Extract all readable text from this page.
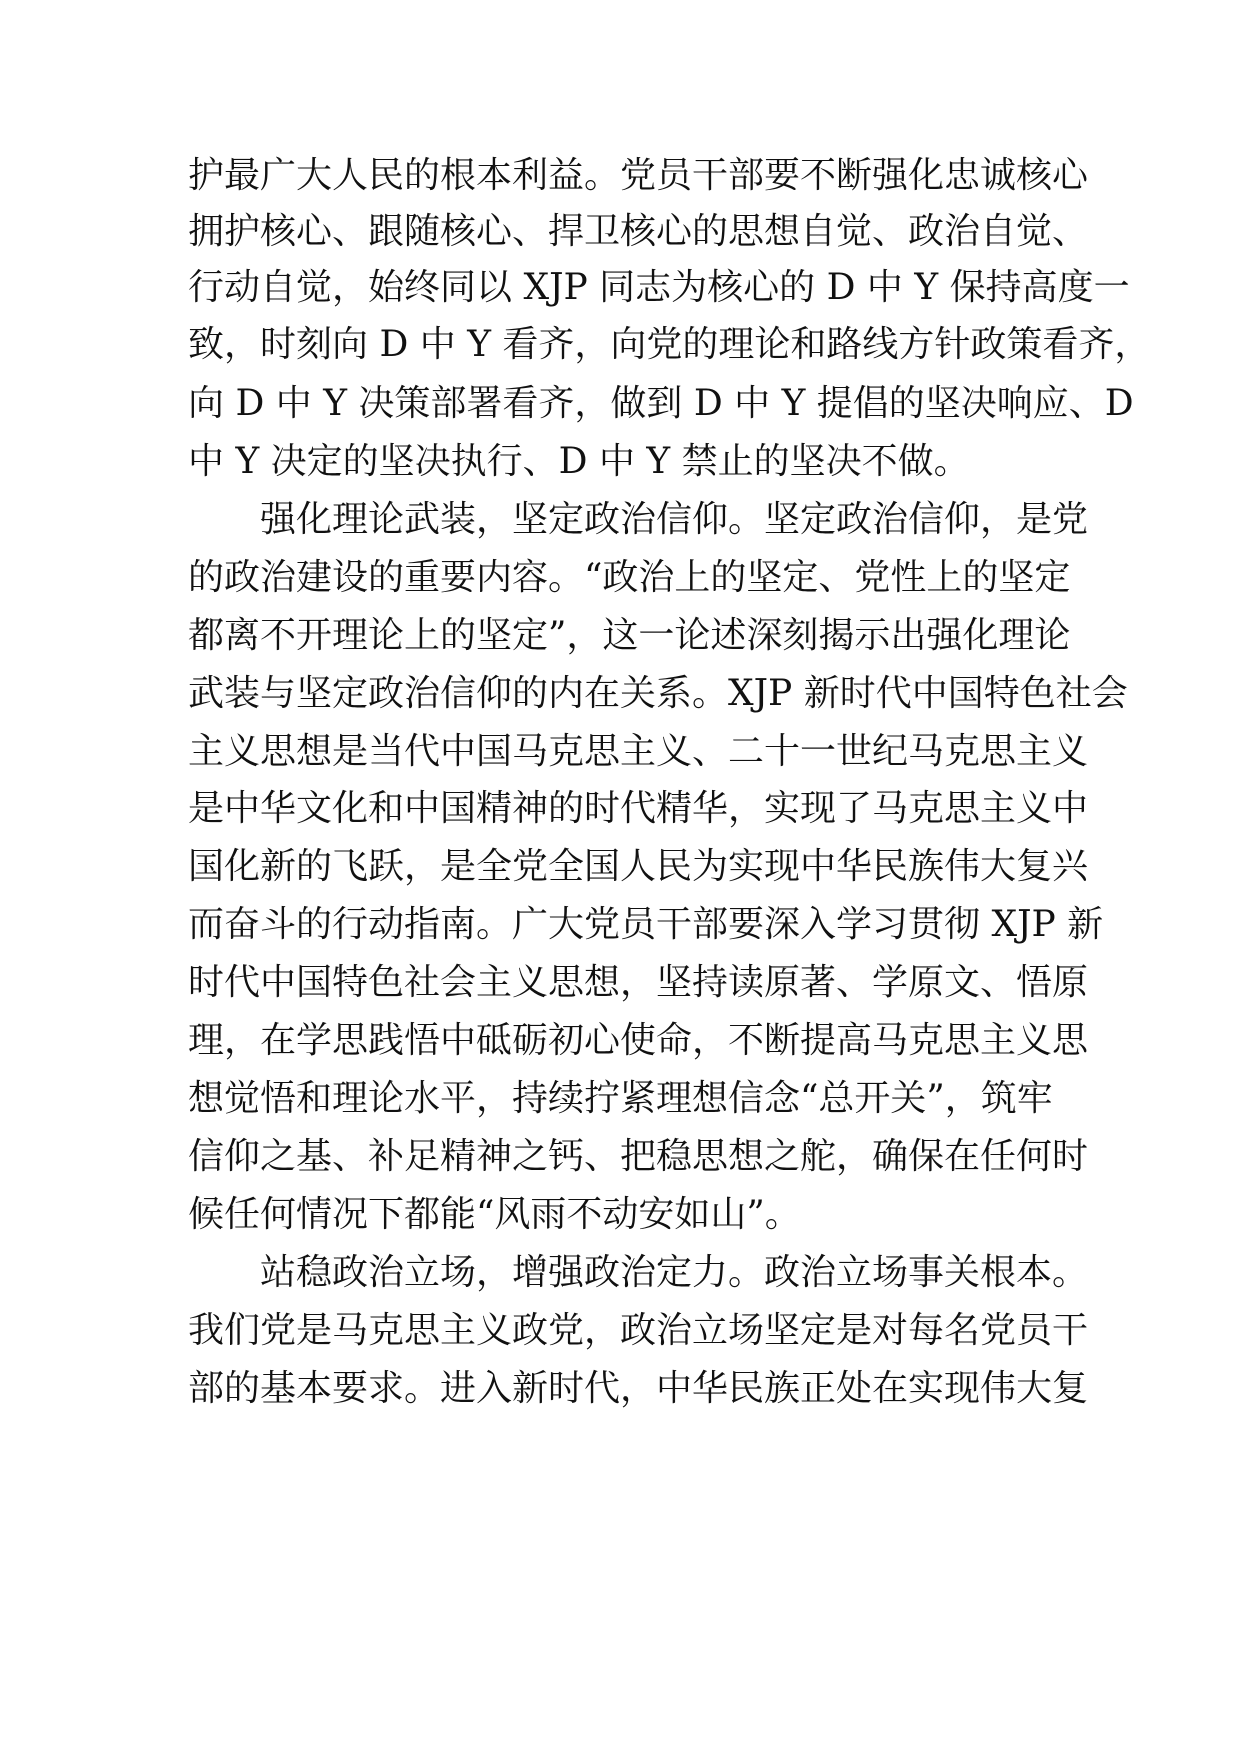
护最广大人民的根本利益。党员干部要不断强化忠诚核心

拥护核心、跟随核心、捍卫核心的思想自觉、政治自觉、

行动自觉，始终同以 XJP 同志为核心的 D 中 Y 保持高度一

致，时刻向 D 中 Y 看齐，向党的理论和路线方针政策看齐，

向 D 中 Y 决策部署看齐，做到 D 中 Y 提倡的坚决响应、D

中 Y 决定的坚决执行、D 中 Y 禁止的坚决不做。

强化理论武装，坚定政治信仰。坚定政治信仰，是党

的政治建设的重要内容。“政治上的坚定、党性上的坚定

都离不开理论上的坚定”，这一论述深刻揭示出强化理论

武装与坚定政治信仰的内在关系。XJP 新时代中国特色社会

主义思想是当代中国马克思主义、二十一世纪马克思主义

是中华文化和中国精神的时代精华，实现了马克思主义中

国化新的飞跃，是全党全国人民为实现中华民族伟大复兴

而奋斗的行动指南。广大党员干部要深入学习贯彻 XJP 新

时代中国特色社会主义思想，坚持读原著、学原文、悟原

理，在学思践悟中砥砺初心使命，不断提高马克思主义思

想觉悟和理论水平，持续拧紧理想信念“总开关”，筑牢

信仰之基、补足精神之钙、把稳思想之舵，确保在任何时

候任何情况下都能“风雨不动安如山”。

站稳政治立场，增强政治定力。政治立场事关根本。

我们党是马克思主义政党，政治立场坚定是对每名党员干

部的基本要求。进入新时代，中华民族正处在实现伟大复
